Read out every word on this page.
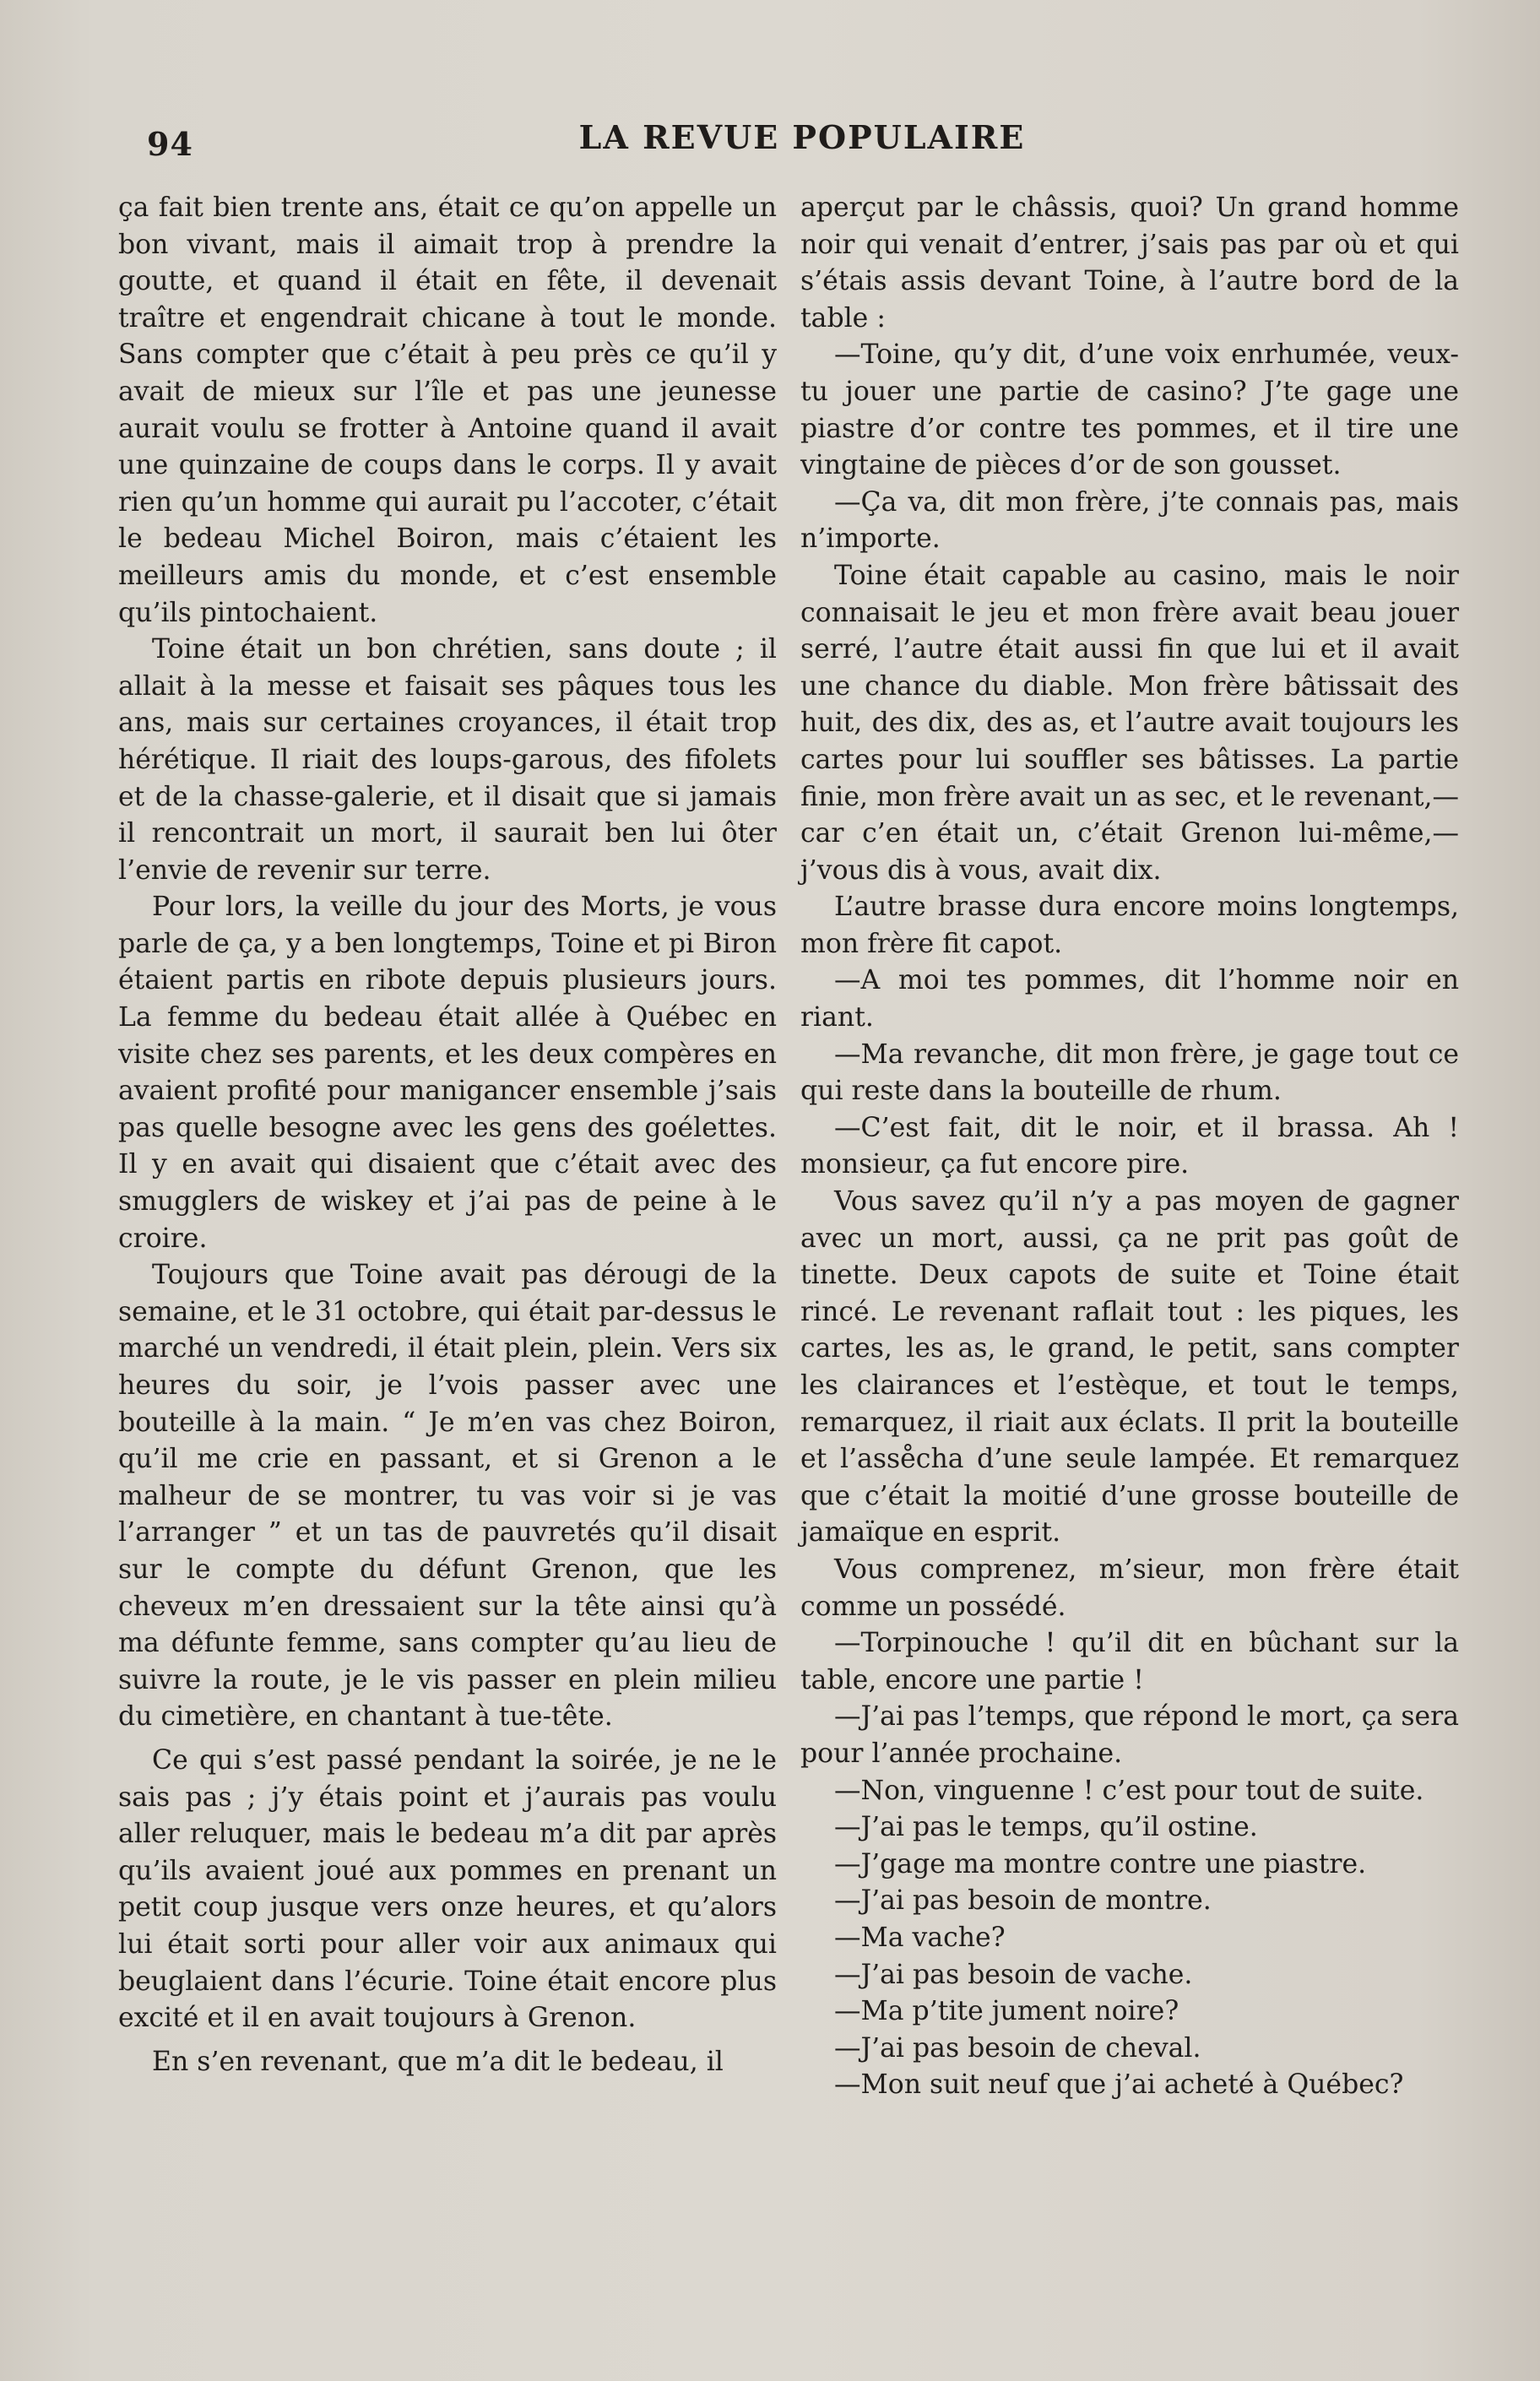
94	LA REVUE POPULAIRE

ça fait bien trente ans, était ce qu’on appelle un bon vivant, mais il aimait trop à prendre la goutte, et quand il était en fête, il devenait traître et engendrait chicane à tout le monde. Sans compter que c’était à peu près ce qu’il y avait de mieux sur l’île et pas une jeunesse aurait voulu se frotter à Antoine quand il avait une quinzaine de coups dans le corps. Il y avait rien qu’un homme qui aurait pu l’accoter, c’était le bedeau Michel Boiron, mais c’étaient les meilleurs amis du monde, et c’est ensemble qu’ils pintochaient.

Toine était un bon chrétien, sans doute ; il allait à la messe et faisait ses pâques tous les ans, mais sur certaines croyances, il était trop hérétique. Il riait des loups-garous, des fifolets et de la chasse-galerie, et il disait que si jamais il rencontrait un mort, il saurait ben lui ôter l’envie de revenir sur terre.

Pour lors, la veille du jour des Morts, je vous parle de ça, y a ben longtemps, Toine et pi Biron étaient partis en ribote depuis plusieurs jours. La femme du bedeau était allée à Québec en visite chez ses parents, et les deux compères en avaient profité pour manigancer ensemble j’sais pas quelle besogne avec les gens des goélettes. Il y en avait qui disaient que c’était avec des smugglers de wiskey et j’ai pas de peine à le croire.

Toujours que Toine avait pas dérougi de la semaine, et le 31 octobre, qui était par-dessus le marché un vendredi, il était plein, plein. Vers six heures du soir, je l’vois passer avec une bouteille à la main. “ Je m’en vas chez Boiron, qu’il me crie en passant, et si Grenon a le malheur de se montrer, tu vas voir si je vas l’arranger ” et un tas de pauvretés qu’il disait sur le compte du défunt Grenon, que les cheveux m’en dressaient sur la tête ainsi qu’à ma défunte femme, sans compter qu’au lieu de suivre la route, je le vis passer en plein milieu du cimetière, en chantant à tue-tête.

Ce qui s’est passé pendant la soirée, je ne le sais pas ; j’y étais point et j’aurais pas voulu aller reluquer, mais le bedeau m’a dit par après qu’ils avaient joué aux pommes en prenant un petit coup jusque vers onze heures, et qu’alors lui était sorti pour aller voir aux animaux qui beuglaient dans l’écurie. Toine était encore plus excité et il en avait toujours à Grenon.

En s’en revenant, que m’a dit le bedeau, il

aperçut par le châssis, quoi? Un grand homme noir qui venait d’entrer, j’sais pas par où et qui s’étais assis devant Toine, à l’autre bord de la table :

—Toine, qu’y dit, d’une voix enrhumée, veux-tu jouer une partie de casino? J’te gage une piastre d’or contre tes pommes, et il tire une vingtaine de pièces d’or de son gousset.

—Ça va, dit mon frère, j’te connais pas, mais n’importe.

Toine était capable au casino, mais le noir connaisait le jeu et mon frère avait beau jouer serré, l’autre était aussi fin que lui et il avait une chance du diable. Mon frère bâtissait des huit, des dix, des as, et l’autre avait toujours les cartes pour lui souffler ses bâtisses. La partie finie, mon frère avait un as sec, et le revenant,—car c’en était un, c’était Grenon lui-même,—j’vous dis à vous, avait dix.

L’autre brasse dura encore moins longtemps, mon frère fit capot.

—A moi tes pommes, dit l’homme noir en riant.

—Ma revanche, dit mon frère, je gage tout ce qui reste dans la bouteille de rhum.

—C’est fait, dit le noir, et il brassa. Ah ! monsieur, ça fut encore pire.

Vous savez qu’il n’y a pas moyen de gagner avec un mort, aussi, ça ne prit pas goût de tinette. Deux capots de suite et Toine était rincé. Le revenant raflait tout : les piques, les cartes, les as, le grand, le petit, sans compter les clairances et l’estèque, et tout le temps, remarquez, il riait aux éclats. Il prit la bouteille et l’asse̊cha d’une seule lampée. Et remarquez que c’était la moitié d’une grosse bouteille de jamaïque en esprit.

Vous comprenez, m’sieur, mon frère était comme un possédé.

—Torpinouche ! qu’il dit en bûchant sur la table, encore une partie !

—J’ai pas l’temps, que répond le mort, ça sera pour l’année prochaine.

—Non, vinguenne ! c’est pour tout de suite.

—J’ai pas le temps, qu’il ostine.

—J’gage ma montre contre une piastre.

—J’ai pas besoin de montre.

—Ma vache?

—J’ai pas besoin de vache.

—Ma p’tite jument noire?

—J’ai pas besoin de cheval.

—Mon suit neuf que j’ai acheté à Québec?
